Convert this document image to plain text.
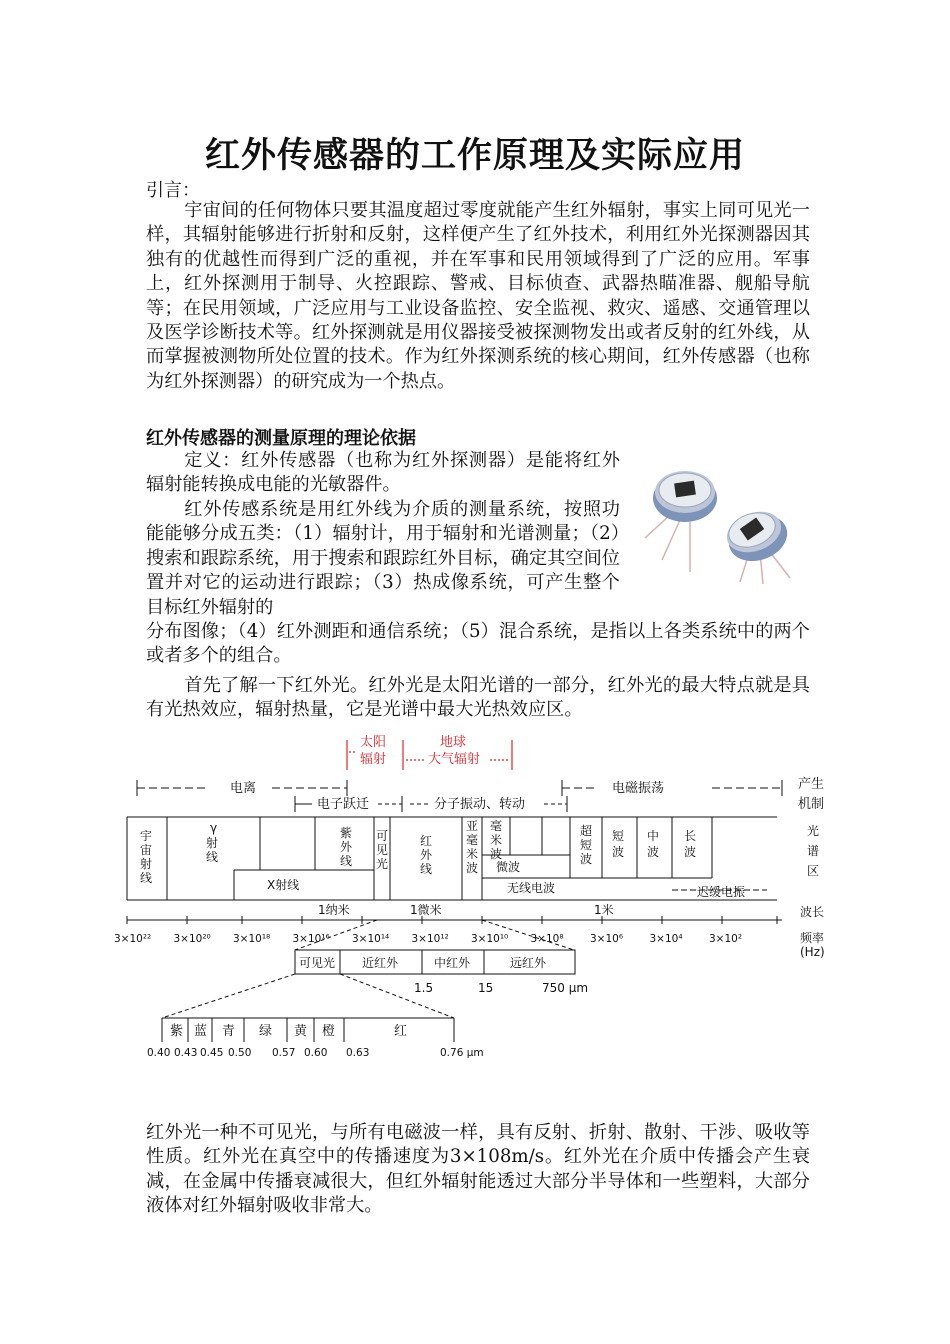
红外传感器的工作原理及实际应用
引言：

宇宙间的任何物体只要其温度超过零度就能产生红外辐射，事实上同可见光一样，其辐射能够进行折射和反射，这样便产生了红外技术，利用红外光探测器因其独有的优越性而得到广泛的重视，并在军事和民用领域得到了广泛的应用。军事上，红外探测用于制导、火控跟踪、警戒、目标侦查、武器热瞄准器、舰船导航等；在民用领域，广泛应用与工业设备监控、安全监视、救灾、遥感、交通管理以及医学诊断技术等。红外探测就是用仪器接受被探测物发出或者反射的红外线，从而掌握被测物所处位置的技术。作为红外探测系统的核心期间，红外传感器（也称为红外探测器）的研究成为一个热点。

红外传感器的测量原理的理论依据

定义：红外传感器（也称为红外探测器）是能将红外辐射能转换成电能的光敏器件。

红外传感系统是用红外线为介质的测量系统，按照功能能够分成五类：（1）辐射计，用于辐射和光谱测量；（2）搜索和跟踪系统，用于搜索和跟踪红外目标，确定其空间位置并对它的运动进行跟踪；（3）热成像系统，可产生整个目标红外辐射的

分布图像；（4）红外测距和通信系统；（5）混合系统，是指以上各类系统中的两个或者多个的组合。

首先了解一下红外光。红外光是太阳光谱的一部分，红外光的最大特点就是具有光热效应，辐射热量，它是光谱中最大光热效应区。

太阳
辐射
地球
大气辐射
电离
电子跃迁	分子振动、转动
电磁振荡	产生
机制
宇
宙
射
线
γ
射
线
紫
外
线
可
见
光
红
外
线
亚
毫
米
波
毫
米
波
微波
超
短
波
短
波
中
波
长
波
X射线	无线电波	迟缓电振
光
谱
区
1纳米	1微米	1米	波长
频率
(Hz)
3×10²² 3×10²⁰ 3×10¹⁸ 3×10¹⁶ 3×10¹⁴ 3×10¹² 3×10¹⁰ 3×10⁸	3×10⁶	3×10⁴	3×10²
可见光 近红外	中红外	远红外
1.5	15	750 μm
紫 蓝 青 绿 黄 橙	红
0.40 0.43 0.45 0.50 0.57 0.60 0.63	0.76 μm

红外光一种不可见光，与所有电磁波一样，具有反射、折射、散射、干涉、吸收等性质。红外光在真空中的传播速度为3×108m/s。红外光在介质中传播会产生衰减，在金属中传播衰减很大，但红外辐射能透过大部分半导体和一些塑料，大部分液体对红外辐射吸收非常大。
